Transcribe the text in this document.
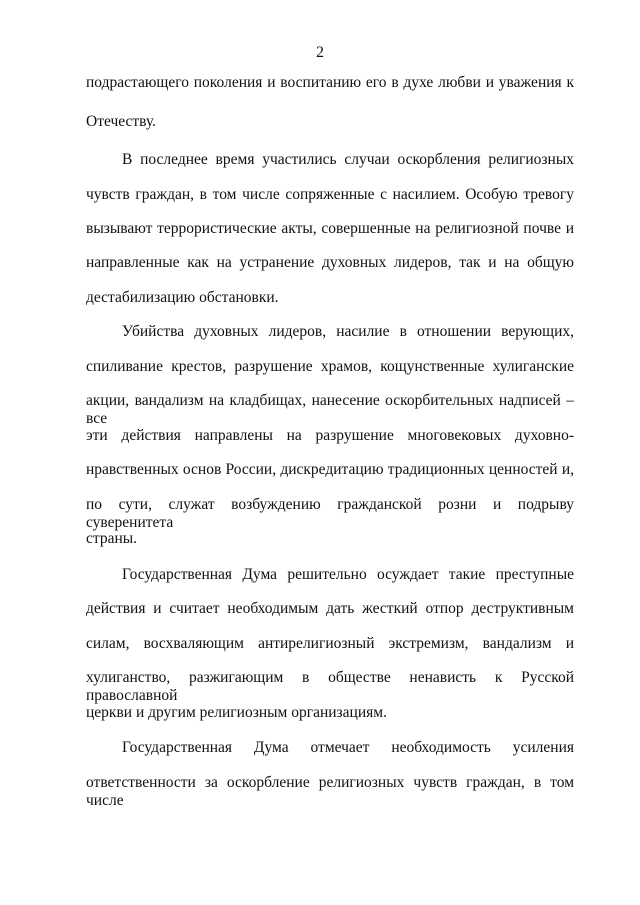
2
подрастающего поколения и воспитанию его в духе любви и уважения к
Отечеству.
В последнее время участились случаи оскорбления религиозных
чувств граждан, в том числе сопряженные с насилием. Особую тревогу
вызывают террористические акты, совершенные на религиозной почве и
направленные как на устранение духовных лидеров, так и на общую
дестабилизацию обстановки.
Убийства духовных лидеров, насилие в отношении верующих,
спиливание крестов, разрушение храмов, кощунственные хулиганские
акции, вандализм на кладбищах, нанесение оскорбительных надписей – все
эти действия направлены на разрушение многовековых духовно-
нравственных основ России, дискредитацию традиционных ценностей и,
по сути, служат возбуждению гражданской розни и подрыву суверенитета
страны.
Государственная Дума решительно осуждает такие преступные
действия и считает необходимым дать жесткий отпор деструктивным
силам, восхваляющим антирелигиозный экстремизм, вандализм и
хулиганство, разжигающим в обществе ненависть к Русской православной
церкви и другим религиозным организациям.
Государственная Дума отмечает необходимость усиления
ответственности за оскорбление религиозных чувств граждан, в том числе
